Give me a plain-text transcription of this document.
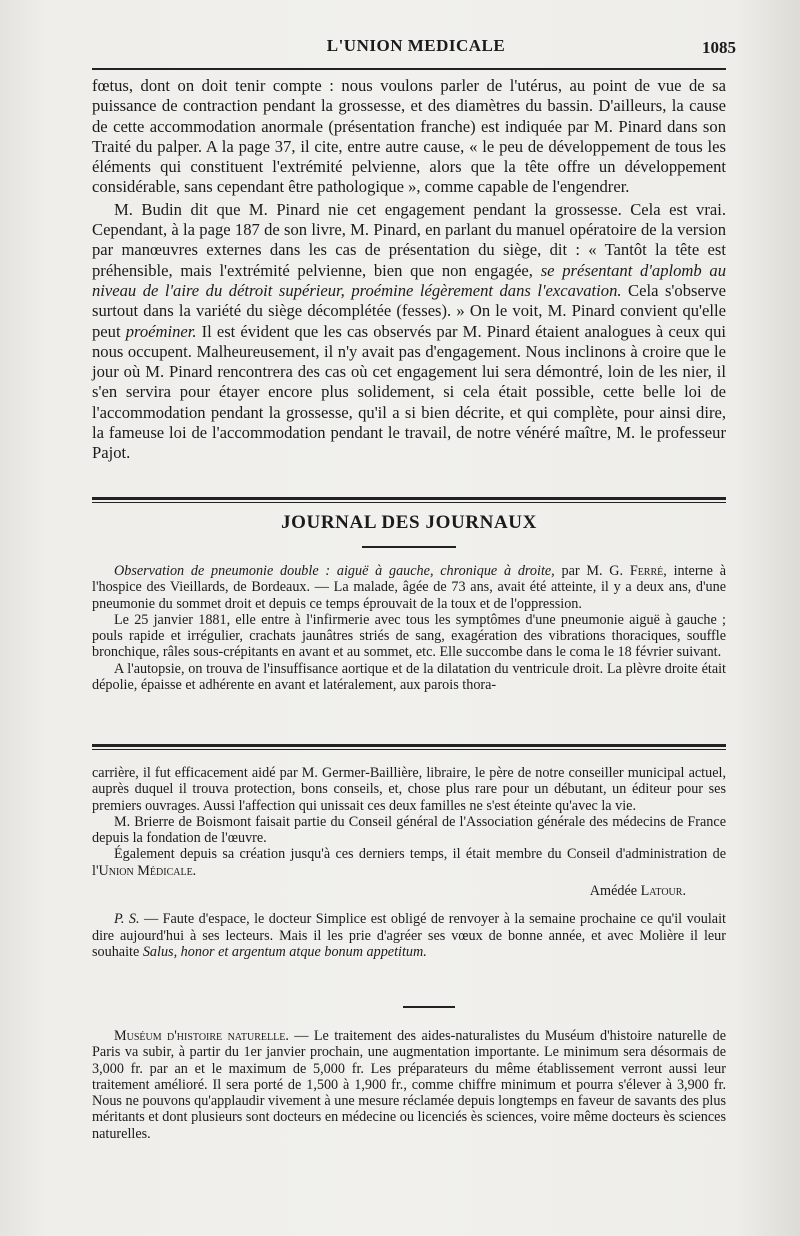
L'UNION MEDICALE	1085

fœtus, dont on doit tenir compte : nous voulons parler de l'utérus, au point de vue de sa puissance de contraction pendant la grossesse, et des diamètres du bassin. D'ailleurs, la cause de cette accommodation anormale (présentation franche) est indiquée par M. Pinard dans son Traité du palper. A la page 37, il cite, entre autre cause, « le peu de développement de tous les éléments qui constituent l'extrémité pelvienne, alors que la tête offre un développement considérable, sans cependant être pathologique », comme capable de l'engendrer.

M. Budin dit que M. Pinard nie cet engagement pendant la grossesse. Cela est vrai. Cependant, à la page 187 de son livre, M. Pinard, en parlant du manuel opératoire de la version par manœuvres externes dans les cas de présentation du siège, dit : « Tantôt la tête est préhensible, mais l'extrémité pelvienne, bien que non engagée, se présentant d'aplomb au niveau de l'aire du détroit supérieur, proémine légèrement dans l'excavation. Cela s'observe surtout dans la variété du siège décomplétée (fesses). » On le voit, M. Pinard convient qu'elle peut proéminer. Il est évident que les cas observés par M. Pinard étaient analogues à ceux qui nous occupent. Malheureusement, il n'y avait pas d'engagement. Nous inclinons à croire que le jour où M. Pinard rencontrera des cas où cet engagement lui sera démontré, loin de les nier, il s'en servira pour étayer encore plus solidement, si cela était possible, cette belle loi de l'accommodation pendant la grossesse, qu'il a si bien décrite, et qui complète, pour ainsi dire, la fameuse loi de l'accommodation pendant le travail, de notre vénéré maître, M. le professeur Pajot.

JOURNAL DES JOURNAUX

Observation de pneumonie double : aiguë à gauche, chronique à droite, par M. G. Ferré, interne à l'hospice des Vieillards, de Bordeaux. — La malade, âgée de 73 ans, avait été atteinte, il y a deux ans, d'une pneumonie du sommet droit et depuis ce temps éprouvait de la toux et de l'oppression.

Le 25 janvier 1881, elle entre à l'infirmerie avec tous les symptômes d'une pneumonie aiguë à gauche ; pouls rapide et irrégulier, crachats jaunâtres striés de sang, exagération des vibrations thoraciques, souffle bronchique, râles sous-crépitants en avant et au sommet, etc. Elle succombe dans le coma le 18 février suivant.

A l'autopsie, on trouva de l'insuffisance aortique et de la dilatation du ventricule droit. La plèvre droite était dépolie, épaisse et adhérente en avant et latéralement, aux parois thora-

carrière, il fut efficacement aidé par M. Germer-Baillière, libraire, le père de notre conseiller municipal actuel, auprès duquel il trouva protection, bons conseils, et, chose plus rare pour un débutant, un éditeur pour ses premiers ouvrages. Aussi l'affection qui unissait ces deux familles ne s'est éteinte qu'avec la vie.

M. Brierre de Boismont faisait partie du Conseil général de l'Association générale des médecins de France depuis la fondation de l'œuvre.

Également depuis sa création jusqu'à ces derniers temps, il était membre du Conseil d'administration de l'Union Médicale.

Amédée Latour.

P. S. — Faute d'espace, le docteur Simplice est obligé de renvoyer à la semaine prochaine ce qu'il voulait dire aujourd'hui à ses lecteurs. Mais il les prie d'agréer ses vœux de bonne année, et avec Molière il leur souhaite Salus, honor et argentum atque bonum appetitum.

Muséum d'histoire naturelle. — Le traitement des aides-naturalistes du Muséum d'histoire naturelle de Paris va subir, à partir du 1er janvier prochain, une augmentation importante. Le minimum sera désormais de 3,000 fr. par an et le maximum de 5,000 fr. Les préparateurs du même établissement verront aussi leur traitement amélioré. Il sera porté de 1,500 à 1,900 fr., comme chiffre minimum et pourra s'élever à 3,900 fr. Nous ne pouvons qu'applaudir vivement à une mesure réclamée depuis longtemps en faveur de savants des plus méritants et dont plusieurs sont docteurs en médecine ou licenciés ès sciences, voire même docteurs ès sciences naturelles.
